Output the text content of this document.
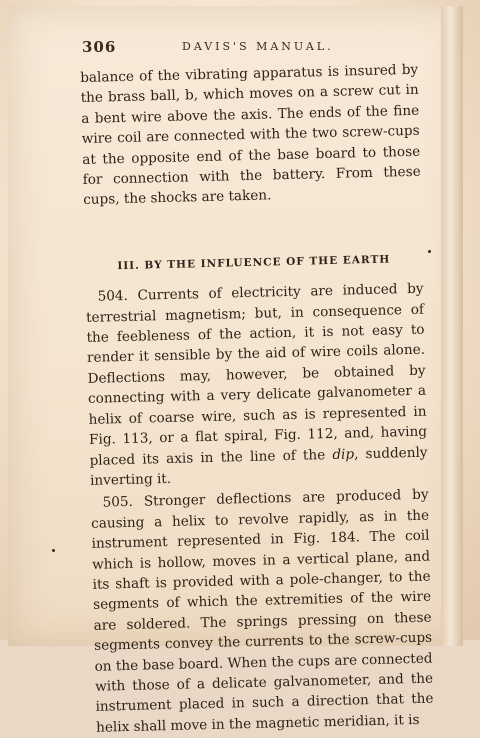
306	DAVIS'S MANUAL.

balance of the vibrating apparatus is insured by the brass ball, b, which moves on a screw cut in a bent wire above the axis. The ends of the fine wire coil are connected with the two screw-cups at the opposite end of the base board to those for connection with the battery. From these cups, the shocks are taken.

III. BY THE INFLUENCE OF THE EARTH

504. Currents of electricity are induced by terrestrial magnetism; but, in consequence of the feebleness of the action, it is not easy to render it sensible by the aid of wire coils alone. Deflections may, however, be obtained by connecting with a very delicate galvanometer a helix of coarse wire, such as is represented in Fig. 113, or a flat spiral, Fig. 112, and, having placed its axis in the line of the dip, suddenly inverting it.

505. Stronger deflections are produced by causing a helix to revolve rapidly, as in the instrument represented in Fig. 184. The coil which is hollow, moves in a vertical plane, and its shaft is provided with a pole-changer, to the segments of which the extremities of the wire are soldered. The springs pressing on these segments convey the currents to the screw-cups on the base board. When the cups are connected with those of a delicate galvanometer, and the instrument placed in such a direction that the helix shall move in the magnetic meridian, it is
